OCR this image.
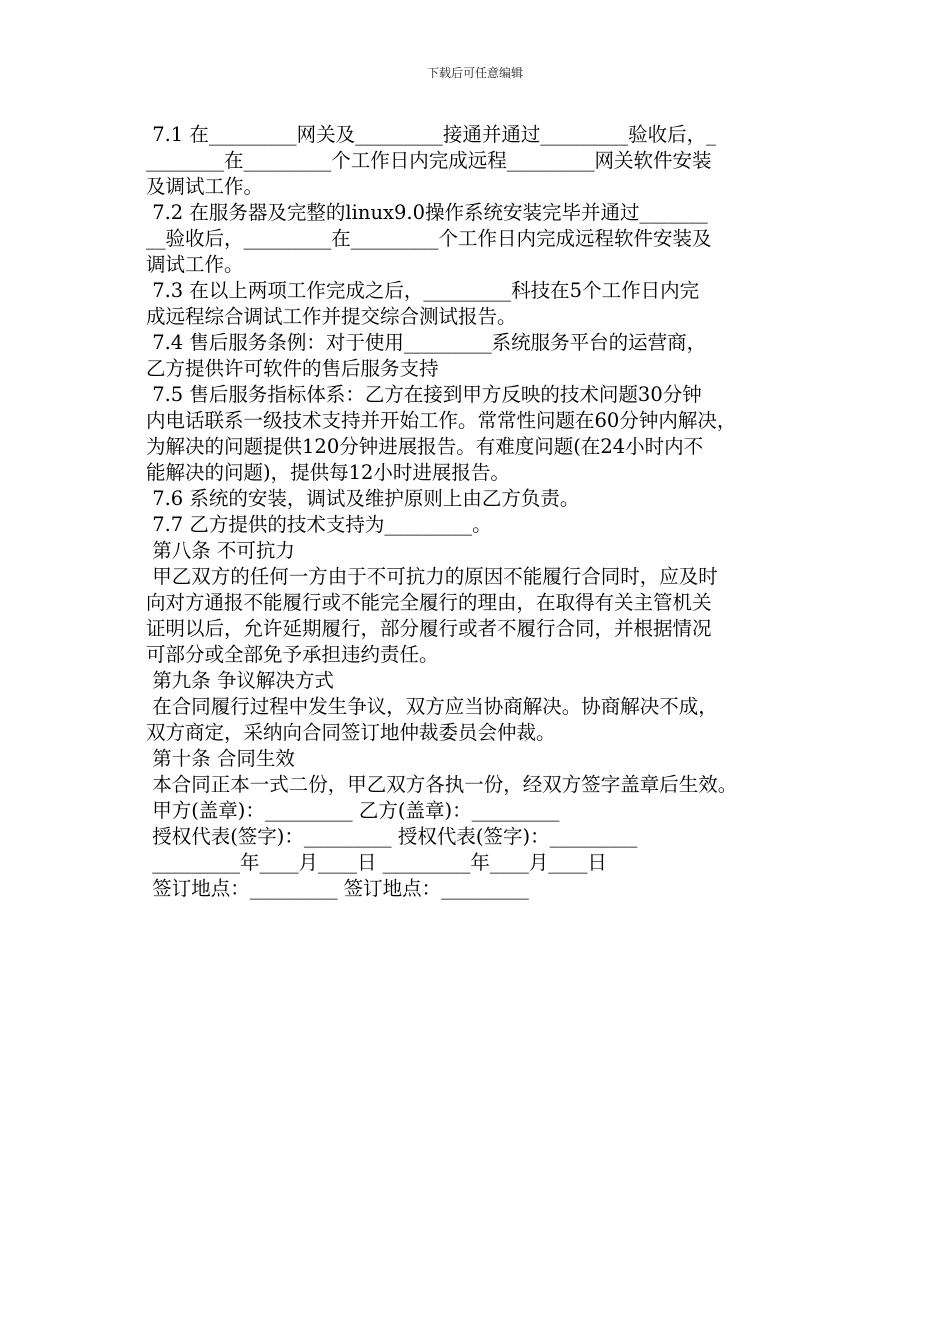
下载后可任意编辑
7.1 在_________网关及_________接通并通过_________验收后，_
________在_________个工作日内完成远程_________网关软件安装
及调试工作。
7.2 在服务器及完整的linux9.0操作系统安装完毕并通过_______
__验收后，_________在_________个工作日内完成远程软件安装及
调试工作。
7.3 在以上两项工作完成之后，_________科技在5个工作日内完
成远程综合调试工作并提交综合测试报告。
7.4 售后服务条例：对于使用_________系统服务平台的运营商，
乙方提供许可软件的售后服务支持
7.5 售后服务指标体系：乙方在接到甲方反映的技术问题30分钟
内电话联系一级技术支持并开始工作。常常性问题在60分钟内解决，
为解决的问题提供120分钟进展报告。有难度问题(在24小时内不
能解决的问题)，提供每12小时进展报告。
7.6 系统的安装，调试及维护原则上由乙方负责。
7.7 乙方提供的技术支持为_________。
第八条 不可抗力
甲乙双方的任何一方由于不可抗力的原因不能履行合同时，应及时
向对方通报不能履行或不能完全履行的理由，在取得有关主管机关
证明以后，允许延期履行，部分履行或者不履行合同，并根据情况
可部分或全部免予承担违约责任。
第九条 争议解决方式
在合同履行过程中发生争议，双方应当协商解决。协商解决不成，
双方商定，采纳向合同签订地仲裁委员会仲裁。
第十条 合同生效
本合同正本一式二份，甲乙双方各执一份，经双方签字盖章后生效。
甲方(盖章)：_________ 乙方(盖章)：_________
授权代表(签字)：_________ 授权代表(签字)：_________
_________年____月____日 _________年____月____日
签订地点：_________ 签订地点：_________
